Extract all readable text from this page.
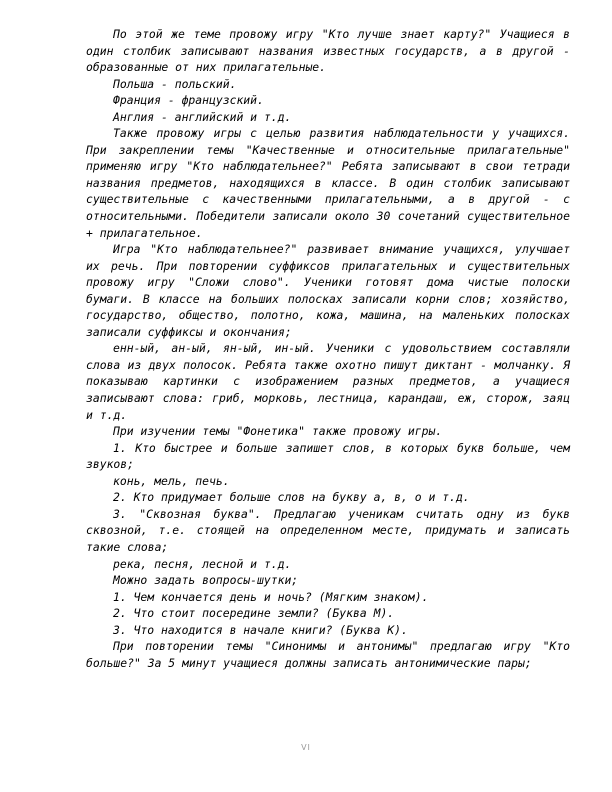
По этой же теме провожу игру "Кто лучше знает карту?" Учащиеся в один столбик записывают названия известных государств, а в другой - образованные от них прилагательные.

Польша - польский.

Франция - французский.

Англия - английский и т.д.

Также провожу игры с целью развития наблюдательности у учащихся. При закреплении темы "Качественные и относительные прилагательные" применяю игру "Кто наблюдательнее?" Ребята записывают в свои тетради названия предметов, находящихся в классе. В один столбик записывают существительные с качественными прилагательными, а в другой - с относительными. Победители записали около 30 сочетаний существительное + прилагательное.

Игра "Кто наблюдательнее?" развивает внимание учащихся, улучшает их речь. При повторении суффиксов прилагательных и существительных провожу игру "Сложи слово". Ученики готовят дома чистые полоски бумаги. В классе на больших полосках записали корни слов; хозяйство, государство, общество, полотно, кожа, машина, на маленьких полосках записали суффиксы и окончания;

енн-ый, ан-ый, ян-ый, ин-ый. Ученики с удовольствием составляли слова из двух полосок. Ребята также охотно пишут диктант - молчанку. Я показываю картинки с изображением разных предметов, а учащиеся записывают слова: гриб, морковь, лестница, карандаш, еж, сторож, заяц и т.д.

При изучении темы "Фонетика" также провожу игры.

1. Кто быстрее и больше запишет слов, в которых букв больше, чем звуков;

конь, мель, печь.

2. Кто придумает больше слов на букву а, в, о и т.д.

3. "Сквозная буква". Предлагаю ученикам считать одну из букв сквозной, т.е. стоящей на определенном месте, придумать и записать такие слова;

река, песня, лесной и т.д.

Можно задать вопросы-шутки;

1. Чем кончается день и ночь? (Мягким знаком).

2. Что стоит посередине земли? (Буква М).

3. Что находится в начале книги? (Буква К).

При повторении темы "Синонимы и антонимы" предлагаю игру "Кто больше?" За 5 минут учащиеся должны записать антонимические пары;

VI
